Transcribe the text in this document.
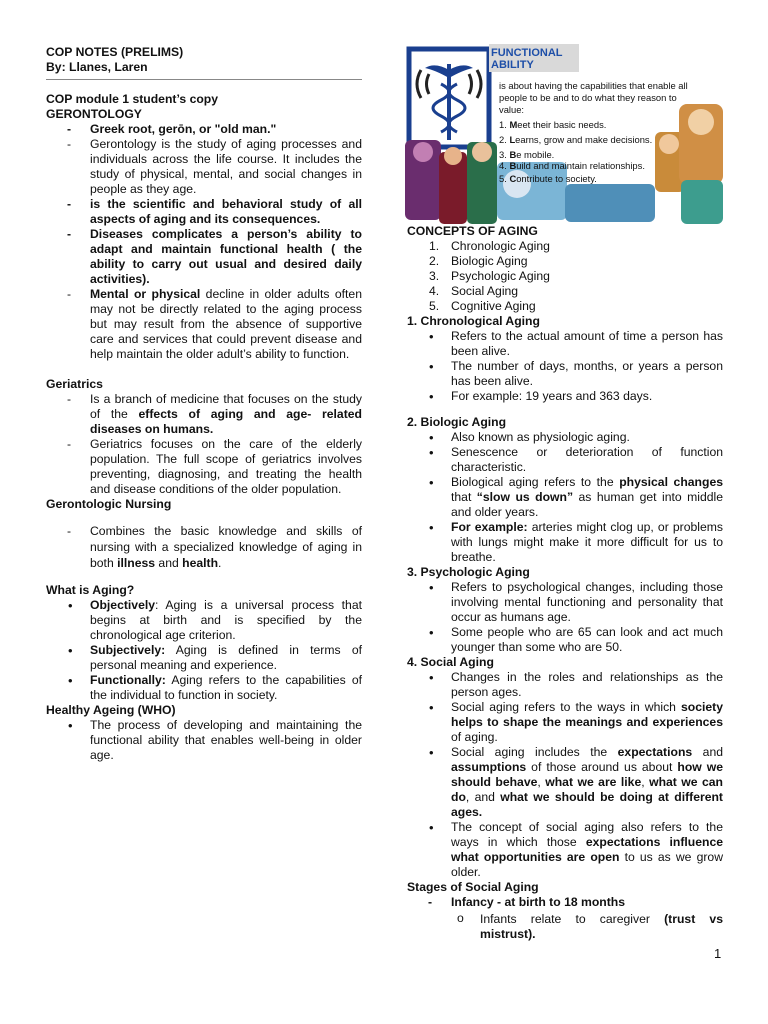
COP NOTES (PRELIMS)

By: Llanes, Laren

COP module 1 student’s copy

GERONTOLOGY

- Greek root, gerōn, or "old man."
- Gerontology is the study of aging processes and individuals across the life course. It includes the study of physical, mental, and social changes in people as they age.
- is the scientific and behavioral study of all aspects of aging and its consequences.
- Diseases complicates a person’s ability to adapt and maintain functional health ( the ability to carry out usual and desired daily activities).
- Mental or physical decline in older adults often may not be directly related to the aging process but may result from the absence of supportive care and services that could prevent disease and help maintain the older adult’s ability to function.

Geriatrics

- Is a branch of medicine that focuses on the study of the effects of aging and age- related diseases on humans.
- Geriatrics focuses on the care of the elderly population. The full scope of geriatrics involves preventing, diagnosing, and treating the health and disease conditions of the older population.

Gerontologic Nursing

- Combines the basic knowledge and skills of nursing with a specialized knowledge of aging in both illness and health.

What is Aging?

• Objectively: Aging is a universal process that begins at birth and is specified by the chronological age criterion.
• Subjectively: Aging is defined in terms of personal meaning and experience.
• Functionally: Aging refers to the capabilities of the individual to function in society.

Healthy Ageing (WHO)

• The process of developing and maintaining the functional ability that enables well-being in older age.
FUNCTIONAL
ABILITY
is about having the capabilities that enable all people to be and to do what they reason to value:
1. Meet their basic needs.
2. Learns, grow and make decisions.
3. Be mobile.
4. Build and maintain relationships.
5. Contribute to society.

CONCEPTS OF AGING

1. Chronologic Aging
2. Biologic Aging
3. Psychologic Aging
4. Social Aging
5. Cognitive Aging

1. Chronological Aging

• Refers to the actual amount of time a person has been alive.
• The number of days, months, or years a person has been alive.
• For example: 19 years and 363 days.

2. Biologic Aging

• Also known as physiologic aging.
• Senescence or deterioration of function characteristic.
• Biological aging refers to the physical changes that “slow us down” as human get into middle and older years.
• For example: arteries might clog up, or problems with lungs might make it more difficult for us to breathe.

3. Psychologic Aging

• Refers to psychological changes, including those involving mental functioning and personality that occur as humans age.
• Some people who are 65 can look and act much younger than some who are 50.

4. Social Aging

• Changes in the roles and relationships as the person ages.
• Social aging refers to the ways in which society helps to shape the meanings and experiences of aging.
• Social aging includes the expectations and assumptions of those around us about how we should behave, what we are like, what we can do, and what we should be doing at different ages.
• The concept of social aging also refers to the ways in which those expectations influence what opportunities are open to us as we grow older.

Stages of Social Aging

- Infancy - at birth to 18 months
o Infants relate to caregiver (trust vs mistrust).
1
